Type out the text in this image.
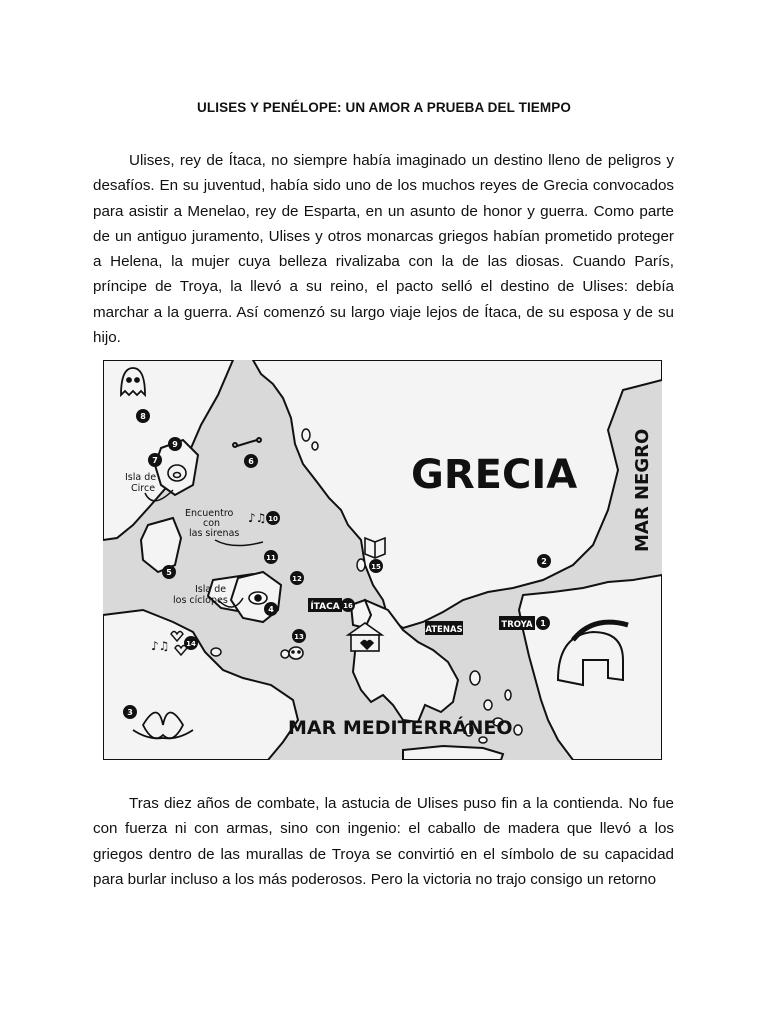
ULISES Y PENÉLOPE: UN AMOR A PRUEBA DEL TIEMPO

Ulises, rey de Ítaca, no siempre había imaginado un destino lleno de peligros y desafíos. En su juventud, había sido uno de los muchos reyes de Grecia convocados para asistir a Menelao, rey de Esparta, en un asunto de honor y guerra. Como parte de un antiguo juramento, Ulises y otros monarcas griegos habían prometido proteger a Helena, la mujer cuya belleza rivalizaba con la de las diosas. Cuando París, príncipe de Troya, la llevó a su reino, el pacto selló el destino de Ulises: debía marchar a la guerra. Así comenzó su largo viaje lejos de Ítaca, de su esposa y de su hijo.

GRECIA	MAR NEGRO
MAR MEDITERRÁNEO
ÍTACA
ATENAS	TROYA
Isla de
Circe
Encuentro
con
las sirenas
Isla de
los cíclopes
1
2
3
4
5
6
7
8
9
10
11
12
13
14
15
16
♪♫
♪♫

Tras diez años de combate, la astucia de Ulises puso fin a la contienda. No fue con fuerza ni con armas, sino con ingenio: el caballo de madera que llevó a los griegos dentro de las murallas de Troya se convirtió en el símbolo de su capacidad para burlar incluso a los más poderosos. Pero la victoria no trajo consigo un retorno
